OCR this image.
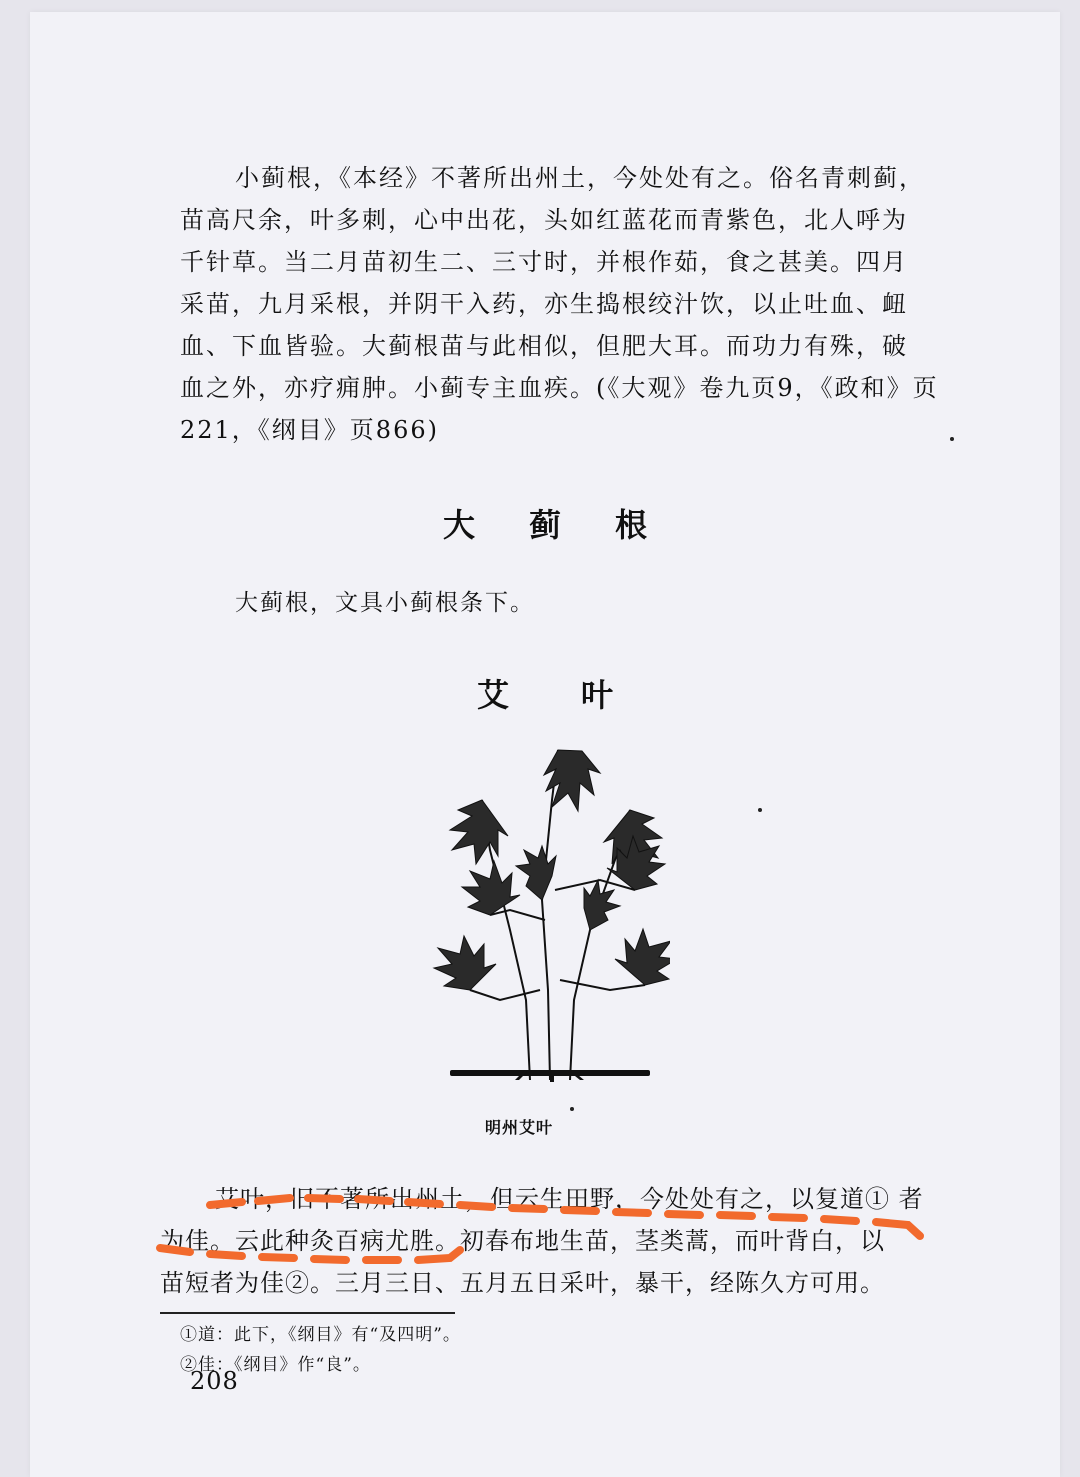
小蓟根，《本经》不著所出州土，今处处有之。俗名青刺蓟，
苗高尺余，叶多刺，心中出花，头如红蓝花而青紫色，北人呼为
千针草。当二月苗初生二、三寸时，并根作茹，食之甚美。四月
采苗，九月采根，并阴干入药，亦生捣根绞汁饮，以止吐血、衄
血、下血皆验。大蓟根苗与此相似，但肥大耳。而功力有殊，破
血之外，亦疗痈肿。小蓟专主血疾。(《大观》卷九页9，《政和》页
221，《纲目》页866)
大蓟根
大蓟根，文具小蓟根条下。
艾叶
明州艾叶
艾叶，旧不著所出州土，但云生田野，今处处有之，以复道① 者
为佳。云此种灸百病尤胜。初春布地生苗，茎类蒿，而叶背白，以
苗短者为佳②。三月三日、五月五日采叶，暴干，经陈久方可用。
①道：此下，《纲目》有“及四明”。
②佳：《纲目》作“良”。
208
